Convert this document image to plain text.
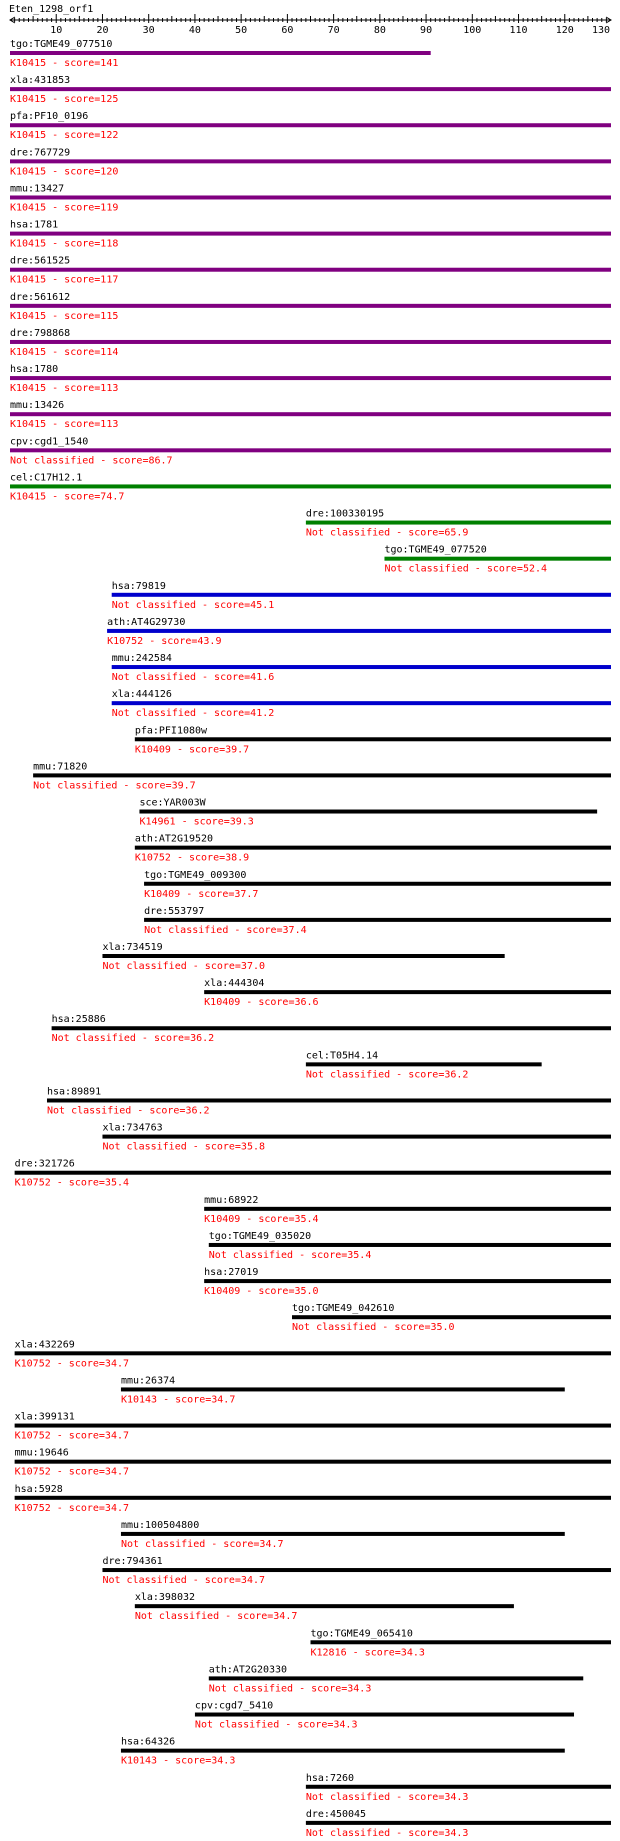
Eten_1298_orf1
10	20	30	40	50	60	70	80	90	100	110	120 130
tgo:TGME49_077510
K10415 - score=141
xla:431853
K10415 - score=125
pfa:PF10_0196
K10415 - score=122
dre:767729
K10415 - score=120
mmu:13427
K10415 - score=119
hsa:1781
K10415 - score=118
dre:561525
K10415 - score=117
dre:561612
K10415 - score=115
dre:798868
K10415 - score=114
hsa:1780
K10415 - score=113
mmu:13426
K10415 - score=113
cpv:cgd1_1540
Not classified - score=86.7
cel:C17H12.1
K10415 - score=74.7
dre:100330195
Not classified - score=65.9
tgo:TGME49_077520
Not classified - score=52.4
hsa:79819
Not classified - score=45.1
ath:AT4G29730
K10752 - score=43.9
mmu:242584
Not classified - score=41.6
xla:444126
Not classified - score=41.2
pfa:PFI1080w
K10409 - score=39.7
mmu:71820
Not classified - score=39.7
sce:YAR003W
K14961 - score=39.3
ath:AT2G19520
K10752 - score=38.9
tgo:TGME49_009300
K10409 - score=37.7
dre:553797
Not classified - score=37.4
xla:734519
Not classified - score=37.0
xla:444304
K10409 - score=36.6
hsa:25886
Not classified - score=36.2
cel:T05H4.14
Not classified - score=36.2
hsa:89891
Not classified - score=36.2
xla:734763
Not classified - score=35.8
dre:321726
K10752 - score=35.4
mmu:68922
K10409 - score=35.4
tgo:TGME49_035020
Not classified - score=35.4
hsa:27019
K10409 - score=35.0
tgo:TGME49_042610
Not classified - score=35.0
xla:432269
K10752 - score=34.7
mmu:26374
K10143 - score=34.7
xla:399131
K10752 - score=34.7
mmu:19646
K10752 - score=34.7
hsa:5928
K10752 - score=34.7
mmu:100504800
Not classified - score=34.7
dre:794361
Not classified - score=34.7
xla:398032
Not classified - score=34.7
tgo:TGME49_065410
K12816 - score=34.3
ath:AT2G20330
Not classified - score=34.3
cpv:cgd7_5410
Not classified - score=34.3
hsa:64326
K10143 - score=34.3
hsa:7260
Not classified - score=34.3
dre:450045
Not classified - score=34.3
